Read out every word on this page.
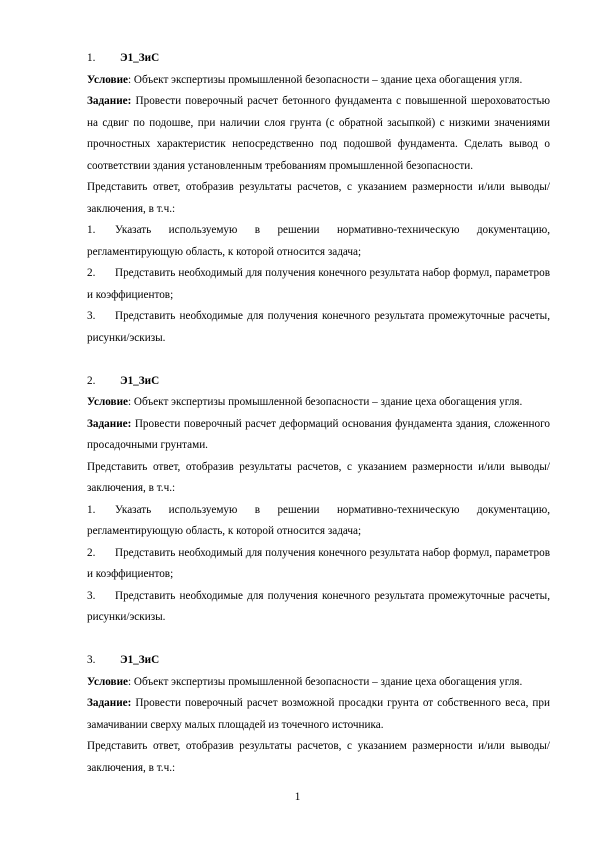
1. Э1_ЗиС
Условие: Объект экспертизы промышленной безопасности – здание цеха обогащения угля.
Задание: Провести поверочный расчет бетонного фундамента с повышенной шероховатостью на сдвиг по подошве, при наличии слоя грунта (с обратной засыпкой) с низкими значениями прочностных характеристик непосредственно под подошвой фундамента. Сделать вывод о соответствии здания установленным требованиям промышленной безопасности.
Представить ответ, отобразив результаты расчетов, с указанием размерности и/или выводы/заключения, в т.ч.:
1. Указать используемую в решении нормативно-техническую документацию, регламентирующую область, к которой относится задача;
2. Представить необходимый для получения конечного результата набор формул, параметров и коэффициентов;
3. Представить необходимые для получения конечного результата промежуточные расчеты, рисунки/эскизы.
2. Э1_ЗиС
Условие: Объект экспертизы промышленной безопасности – здание цеха обогащения угля.
Задание: Провести поверочный расчет деформаций основания фундамента здания, сложенного просадочными грунтами.
Представить ответ, отобразив результаты расчетов, с указанием размерности и/или выводы/заключения, в т.ч.:
1. Указать используемую в решении нормативно-техническую документацию, регламентирующую область, к которой относится задача;
2. Представить необходимый для получения конечного результата набор формул, параметров и коэффициентов;
3. Представить необходимые для получения конечного результата промежуточные расчеты, рисунки/эскизы.
3. Э1_ЗиС
Условие: Объект экспертизы промышленной безопасности – здание цеха обогащения угля.
Задание: Провести поверочный расчет возможной просадки грунта от собственного веса, при замачивании сверху малых площадей из точечного источника.
Представить ответ, отобразив результаты расчетов, с указанием размерности и/или выводы/заключения, в т.ч.:
1
